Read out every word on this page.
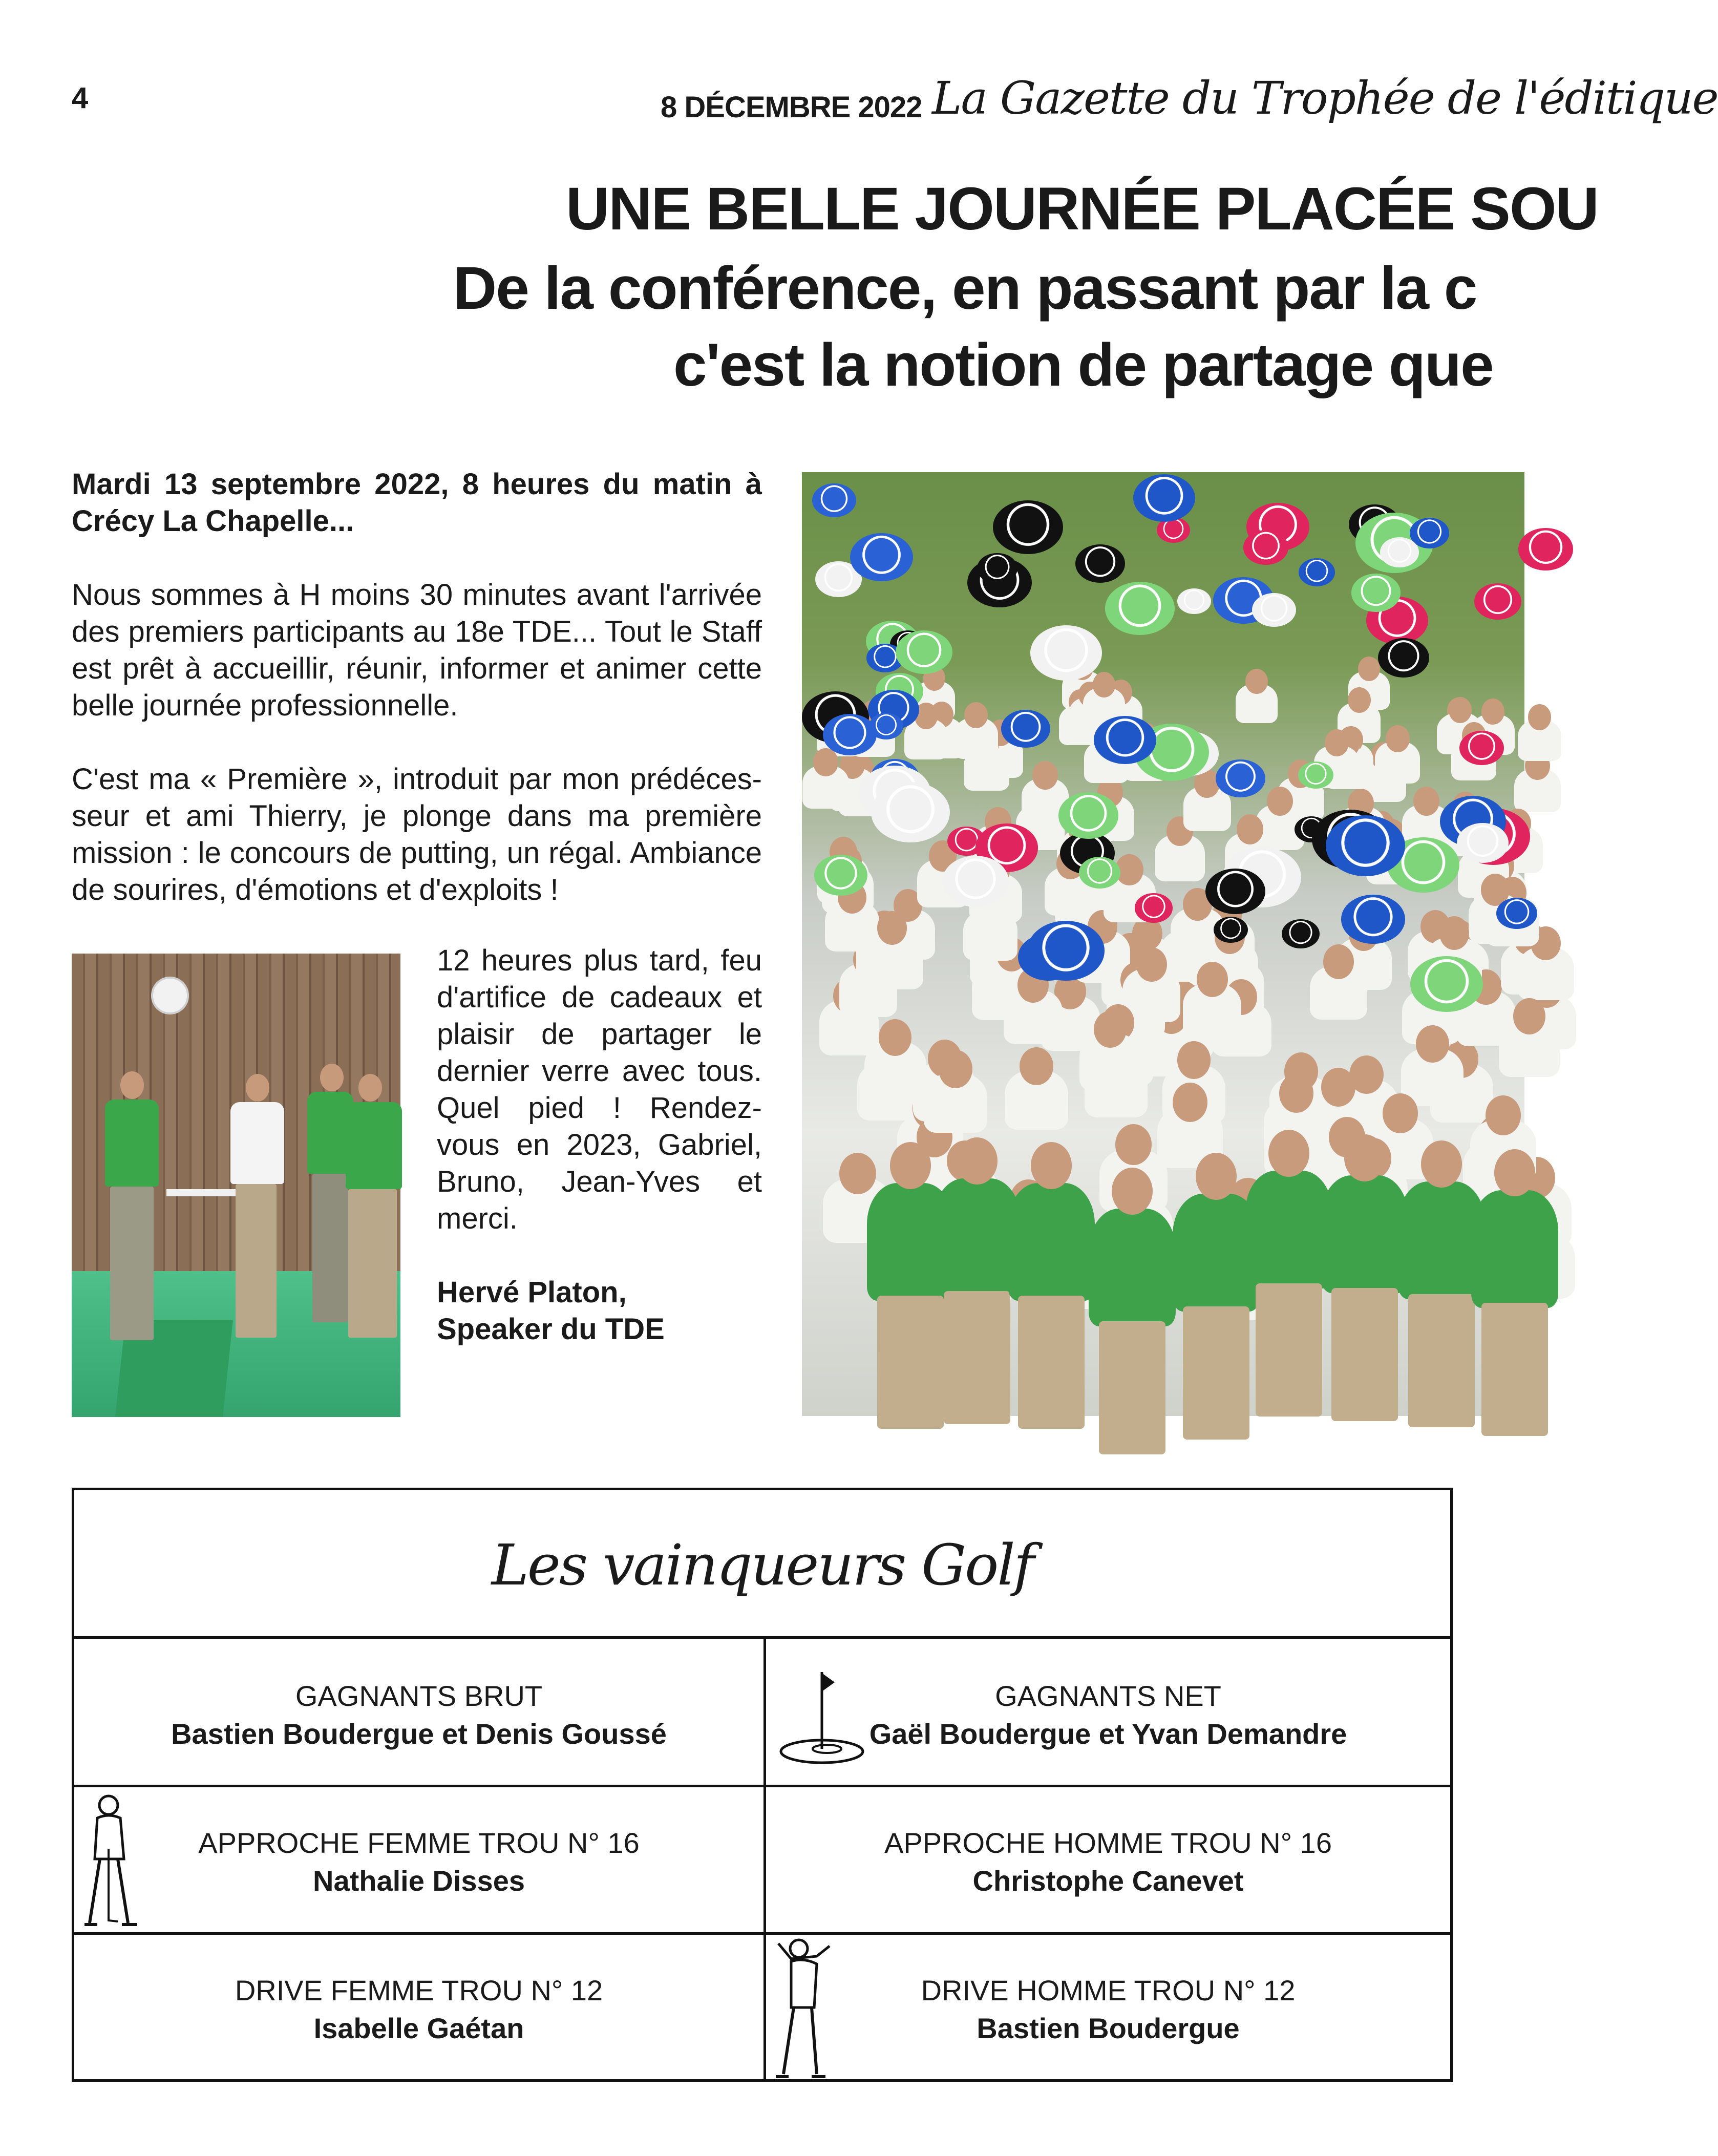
4	8 DÉCEMBRE 2022 La Gazette du Trophée de l'éditique
UNE BELLE JOURNÉE PLACÉE SOU
De la conférence, en passant par la c
c'est la notion de partage que

Mardi 13 septembre 2022, 8 heures du matin à Crécy La Chapelle...

Nous sommes à H moins 30 minutes avant l'arrivée des premiers participants au 18e TDE... Tout le Staff est prêt à accueillir, réunir, informer et animer cette belle journée professionnelle.

C'est ma « Première », introduit par mon prédéces-seur et ami Thierry, je plonge dans ma première mission : le concours de putting, un régal. Ambiance de sourires, d'émotions et d'exploits !

12 heures plus tard, feu d'artifice de cadeaux et plaisir de partager le dernier verre avec tous. Quel pied ! Rendez-vous en 2023, Gabriel, Bruno, Jean-Yves et merci.

Hervé Platon,
Speaker du TDE

Les vainqueurs Golf
GAGNANTS BRUT
Bastien Boudergue et Denis Goussé
GAGNANTS NET
Gaël Boudergue et Yvan Demandre
APPROCHE FEMME TROU N° 16
Nathalie Disses
APPROCHE HOMME TROU N° 16
Christophe Canevet
DRIVE FEMME TROU N° 12
Isabelle Gaétan
DRIVE HOMME TROU N° 12
Bastien Boudergue
